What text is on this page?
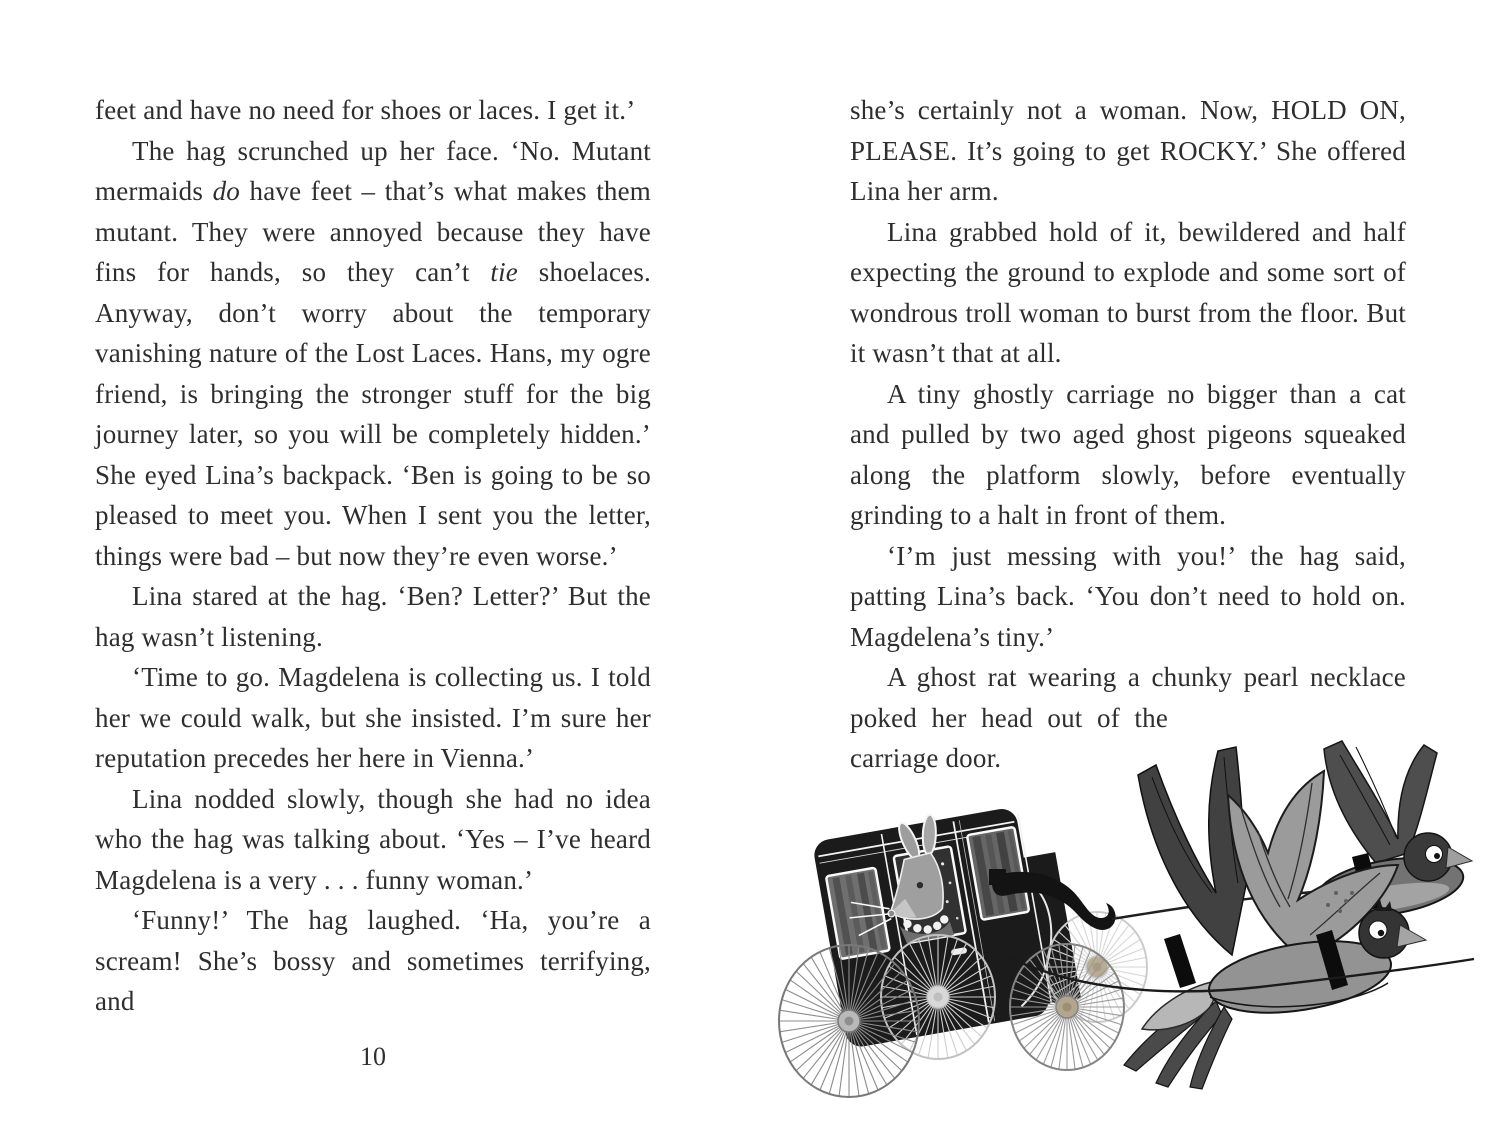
feet and have no need for shoes or laces. I get it.’

The hag scrunched up her face. ‘No. Mutant mermaids do have feet – that’s what makes them mutant. They were annoyed because they have fins for hands, so they can’t tie shoelaces. Anyway, don’t worry about the temporary vanishing nature of the Lost Laces. Hans, my ogre friend, is bringing the stronger stuff for the big journey later, so you will be completely hidden.’ She eyed Lina’s backpack. ‘Ben is going to be so pleased to meet you. When I sent you the letter, things were bad – but now they’re even worse.’

Lina stared at the hag. ‘Ben? Letter?’ But the hag wasn’t listening.

‘Time to go. Magdelena is collecting us. I told her we could walk, but she insisted. I’m sure her reputation precedes her here in Vienna.’

Lina nodded slowly, though she had no idea who the hag was talking about. ‘Yes – I’ve heard Magdelena is a very . . . funny woman.’

‘Funny!’ The hag laughed. ‘Ha, you’re a scream! She’s bossy and sometimes terrifying, and

10

she’s certainly not a woman. Now, HOLD ON, PLEASE. It’s going to get ROCKY.’ She offered Lina her arm.

Lina grabbed hold of it, bewildered and half expecting the ground to explode and some sort of wondrous troll woman to burst from the floor. But it wasn’t that at all.

A tiny ghostly carriage no bigger than a cat and pulled by two aged ghost pigeons squeaked along the platform slowly, before eventually grinding to a halt in front of them.

‘I’m just messing with you!’ the hag said, patting Lina’s back. ‘You don’t need to hold on. Magdelena’s tiny.’

A ghost rat wearing a chunky pearl necklace
poked her head out of the carriage door.
